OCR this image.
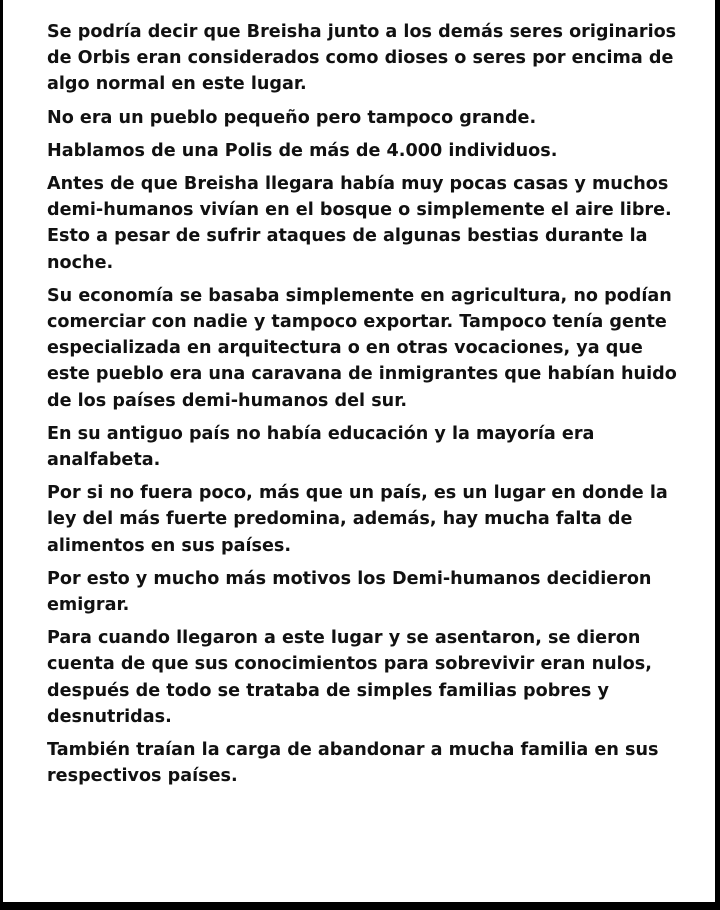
Se podría decir que Breisha junto a los demás seres originarios de Orbis eran considerados como dioses o seres por encima de algo normal en este lugar.

No era un pueblo pequeño pero tampoco grande.

Hablamos de una Polis de más de 4.000 individuos.

Antes de que Breisha llegara había muy pocas casas y muchos demi-humanos vivían en el bosque o simplemente el aire libre. Esto a pesar de sufrir ataques de algunas bestias durante la noche.

Su economía se basaba simplemente en agricultura, no podían comerciar con nadie y tampoco exportar. Tampoco tenía gente especializada en arquitectura o en otras vocaciones, ya que este pueblo era una caravana de inmigrantes que habían huido de los países demi-humanos del sur.

En su antiguo país no había educación y la mayoría era analfabeta.

Por si no fuera poco, más que un país, es un lugar en donde la ley del más fuerte predomina, además, hay mucha falta de alimentos en sus países.

Por esto y mucho más motivos los Demi-humanos decidieron emigrar.

Para cuando llegaron a este lugar y se asentaron, se dieron cuenta de que sus conocimientos para sobrevivir eran nulos, después de todo se trataba de simples familias pobres y desnutridas.

También traían la carga de abandonar a mucha familia en sus respectivos países.
